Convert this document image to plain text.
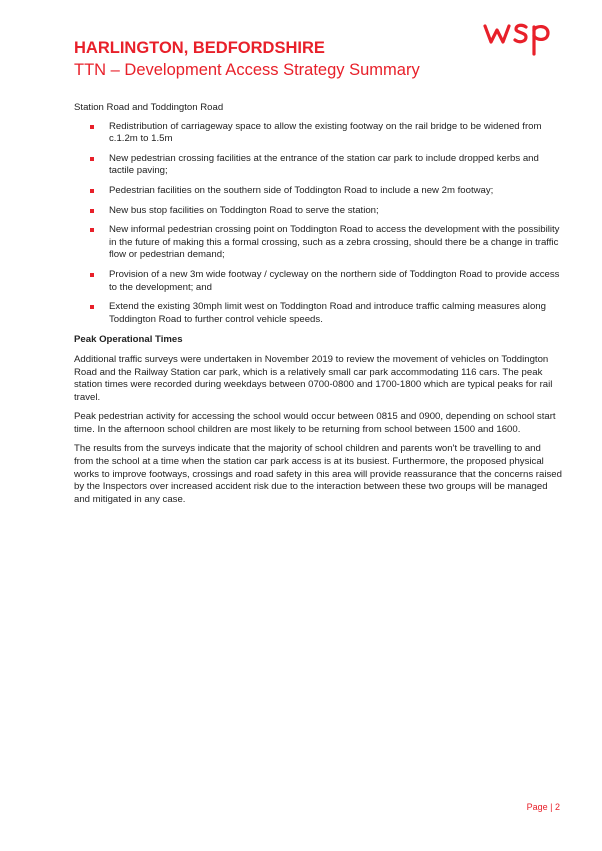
HARLINGTON, BEDFORDSHIRE
TTN – Development Access Strategy Summary

Station Road and Toddington Road

Redistribution of carriageway space to allow the existing footway on the rail bridge to be widened from c.1.2m to 1.5m
New pedestrian crossing facilities at the entrance of the station car park to include dropped kerbs and tactile paving;
Pedestrian facilities on the southern side of Toddington Road to include a new 2m footway;
New bus stop facilities on Toddington Road to serve the station;
New informal pedestrian crossing point on Toddington Road to access the development with the possibility in the future of making this a formal crossing, such as a zebra crossing, should there be a change in traffic flow or pedestrian demand;
Provision of a new 3m wide footway / cycleway on the northern side of Toddington Road to provide access to the development; and
Extend the existing 30mph limit west on Toddington Road and introduce traffic calming measures along Toddington Road to further control vehicle speeds.
Peak Operational Times

Additional traffic surveys were undertaken in November 2019 to review the movement of vehicles on Toddington Road and the Railway Station car park, which is a relatively small car park accommodating 116 cars. The peak station times were recorded during weekdays between 0700-0800 and 1700-1800 which are typical peaks for rail travel.

Peak pedestrian activity for accessing the school would occur between 0815 and 0900, depending on school start time. In the afternoon school children are most likely to be returning from school between 1500 and 1600.

The results from the surveys indicate that the majority of school children and parents won't be travelling to and from the school at a time when the station car park access is at its busiest. Furthermore, the proposed physical works to improve footways, crossings and road safety in this area will provide reassurance that the concerns raised by the Inspectors over increased accident risk due to the interaction between these two groups will be managed and mitigated in any case.

Page | 2
